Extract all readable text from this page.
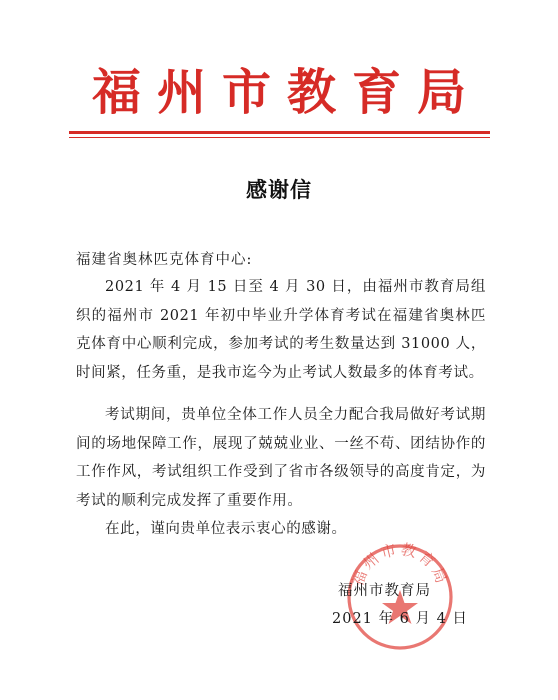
福州市教育局
感谢信
福建省奥林匹克体育中心:

2021 年 4 月 15 日至 4 月 30 日，由福州市教育局组织的福州市 2021 年初中毕业升学体育考试在福建省奥林匹克体育中心顺利完成，参加考试的考生数量达到 31000 人，时间紧，任务重，是我市迄今为止考试人数最多的体育考试。

考试期间，贵单位全体工作人员全力配合我局做好考试期间的场地保障工作，展现了兢兢业业、一丝不苟、团结协作的工作作风，考试组织工作受到了省市各级领导的高度肯定，为考试的顺利完成发挥了重要作用。

在此，谨向贵单位表示衷心的感谢。

福州市教育局
福州市教育局
2021 年 6 月 4 日
